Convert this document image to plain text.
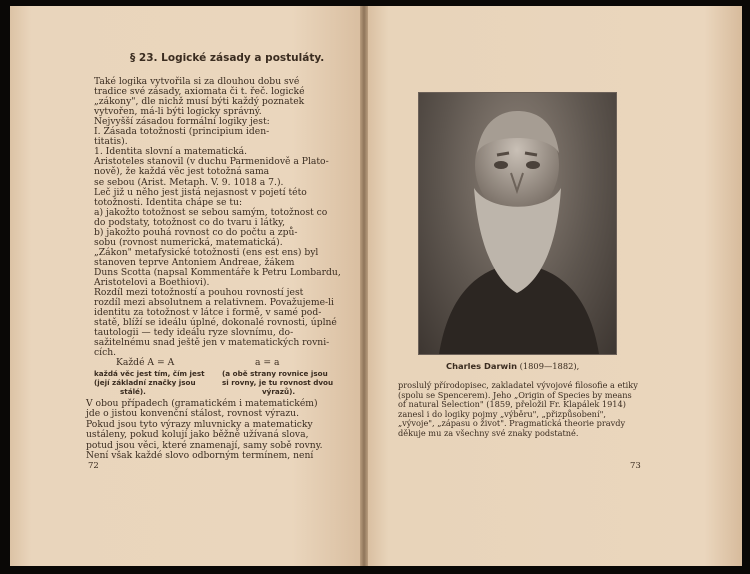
§ 23. Logické zásady a postuláty.
Také logika vytvořila si za dlouhou dobu své
tradice své zásady, axiomata či t. řeč. logické
„zákony", dle nichž musí býti každý poznatek
vytvořen, má-li býti logicky správný.
Nejvyšší zásadou formální logiky jest:
I. Zásada totožnosti (principium iden-
titatis).
1. Identita slovní a matematická.
Aristoteles stanovil (v duchu Parmenidově a Plato-
nově), že každá věc jest totožná sama
se sebou (Arist. Metaph. V. 9. 1018 a 7.).
Leč již u něho jest jistá nejasnost v pojetí této
totožnosti. Identita chápe se tu:
a) jakožto totožnost se sebou samým, totožnost co
do podstaty, totožnost co do tvaru i látky,
b) jakožto pouhá rovnost co do počtu a způ-
sobu (rovnost numerická, matematická).
„Zákon" metafysické totožnosti (ens est ens) byl
stanoven teprve Antoniem Andreae, žákem
Duns Scotta (napsal Kommentáře k Petru Lombardu,
Aristotelovi a Boethiovi).
Rozdíl mezi totožností a pouhou rovností jest
rozdíl mezi absolutnem a relativnem. Považujeme-li
identitu za totožnost v látce i formě, v samé pod-
statě, blíží se ideálu úplné, dokonalé rovnosti, úplné
tautologii — tedy ideálu ryze slovnímu, do-
sažitelnému snad ještě jen v matematických rovni-
cích.
V obou případech (gramatickém i matematickém)
jde o jistou konvenční stálost, rovnost výrazu.
Pokud jsou tyto výrazy mluvnicky a matematicky
ustáleny, pokud kolují jako běžně užívaná slova,
potud jsou věci, které znamenají, samy sobě rovny.
Není však každé slovo odborným termínem, není
Každé A = A	a = a
každá věc jest tím, čím jest
(její základní značky jsou
stálé).
(a obě strany rovnice jsou
si rovny, je tu rovnost dvou
výrazů).
72
Charles Darwin (1809—1882),
proslulý přírodopisec, zakladatel vývojové filosofie a etiky
(spolu se Spencerem). Jeho „Origin of Species by means
of natural Selection" (1859, přeložil Fr. Klapálek 1914)
zanesl i do logiky pojmy „výběru", „přizpůsobení",
„vývoje", „zápasu o život". Pragmatická theorie pravdy
děkuje mu za všechny své znaky podstatné.
73
